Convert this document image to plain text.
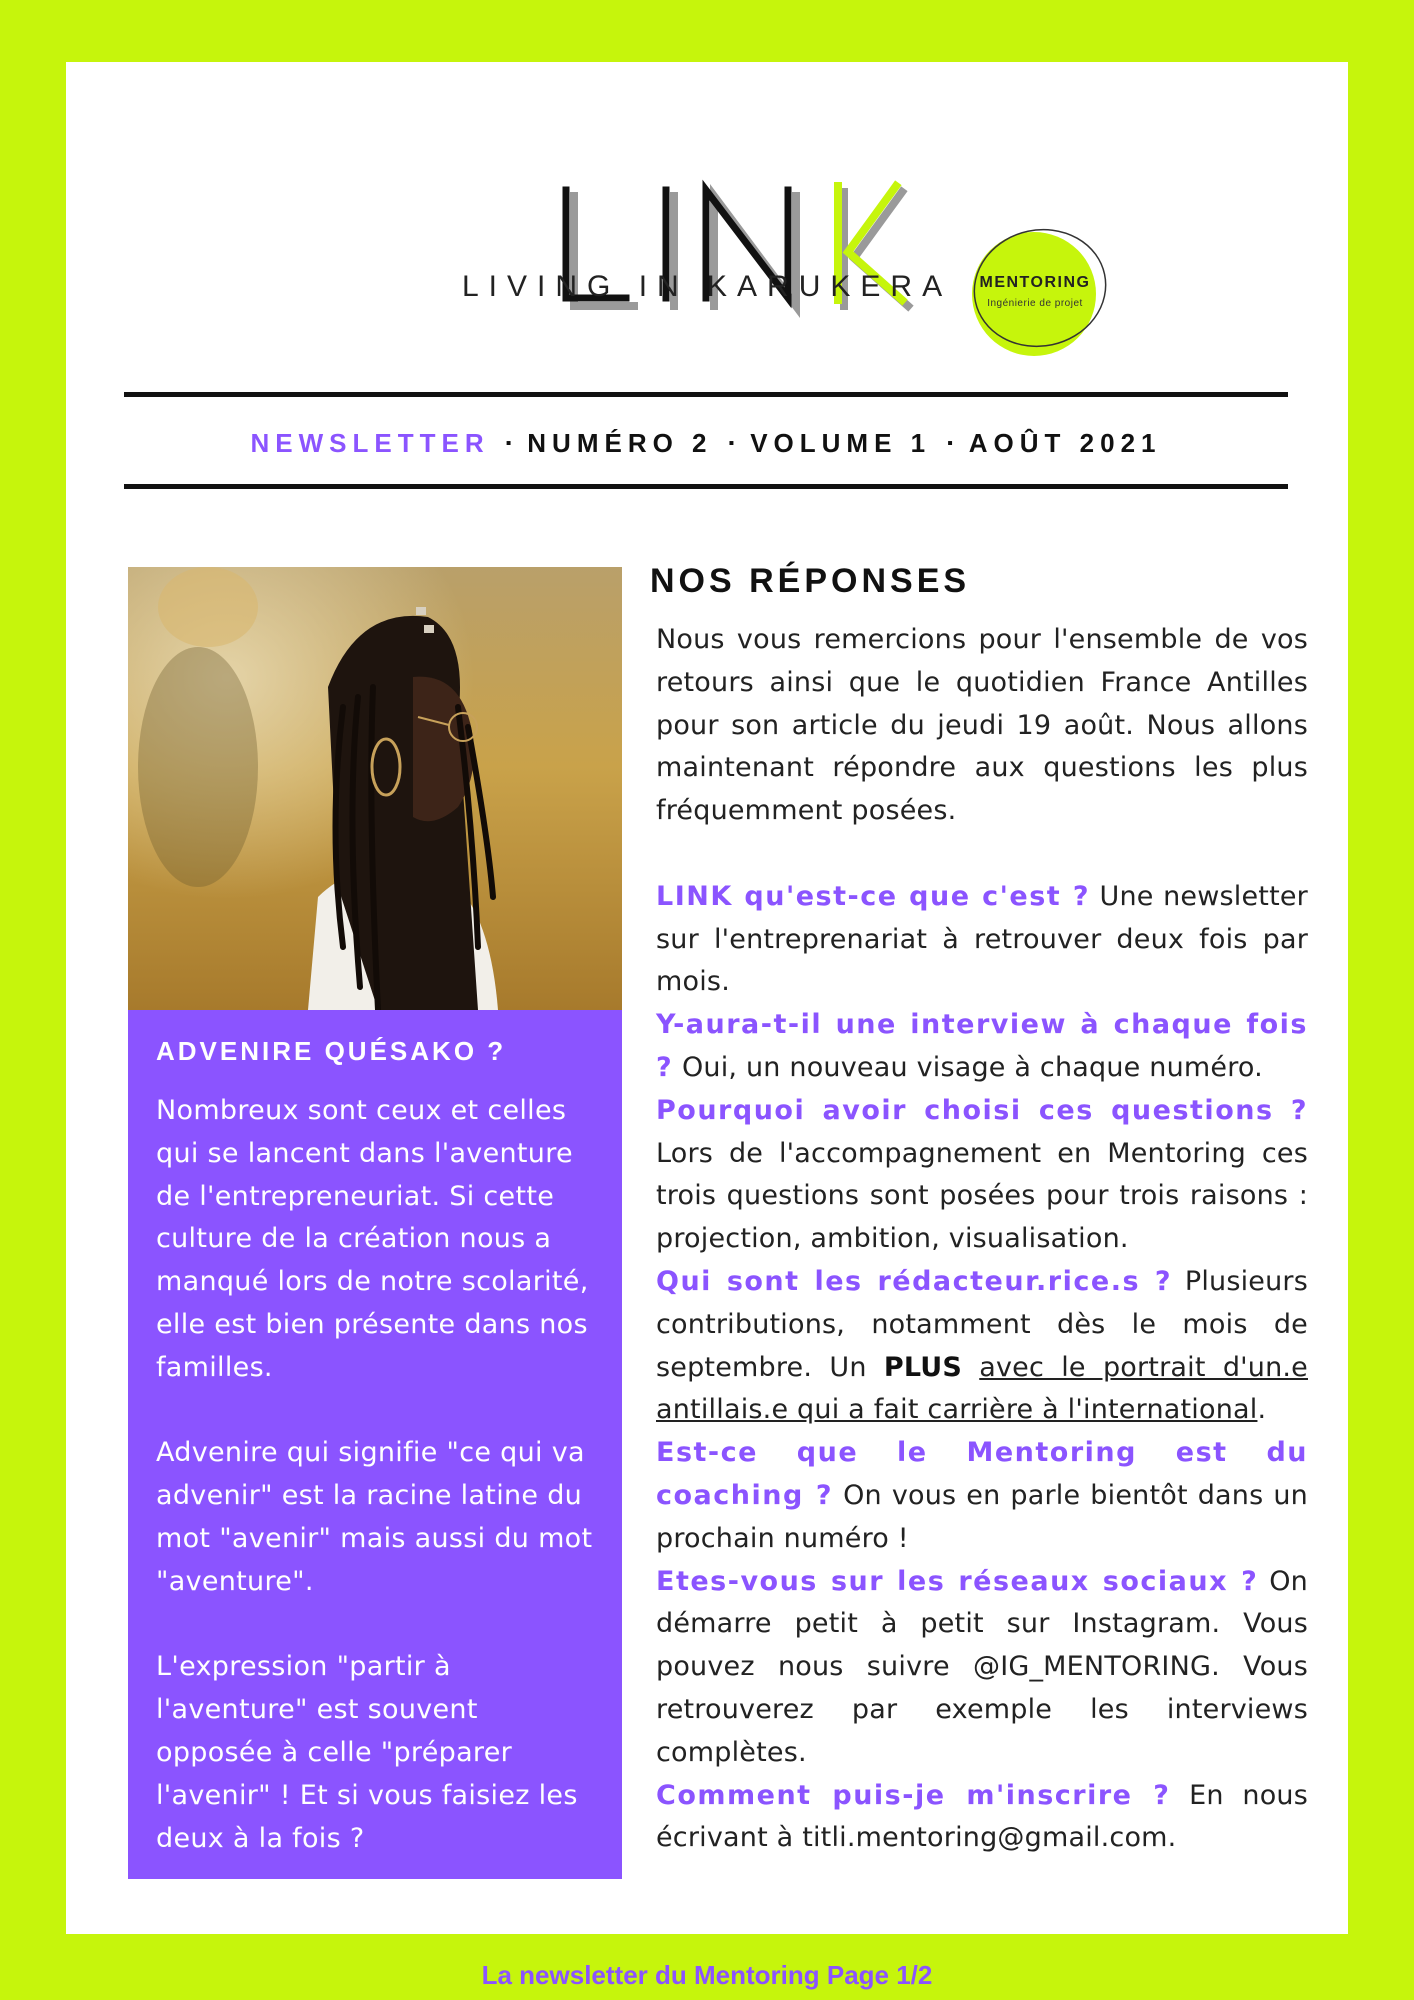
LIVING IN KARUKERA	MENTORING
Ingénierie de projet
NEWSLETTER ▪ NUMÉRO 2 ▪ VOLUME 1 ▪ AOÛT 2021
ADVENIRE QUÉSAKO ?

Nombreux sont ceux et celles qui se lancent dans l'aventure de l'entrepreneuriat. Si cette culture de la création nous a manqué lors de notre scolarité, elle est bien présente dans nos familles.

Advenire qui signifie "ce qui va advenir" est la racine latine du mot "avenir" mais aussi du mot "aventure".

L'expression "partir à l'aventure" est souvent opposée à celle "préparer l'avenir" ! Et si vous faisiez les deux à la fois ?

NOS RÉPONSES

Nous vous remercions pour l'ensemble de vos retours ainsi que le quotidien France Antilles pour son article du jeudi 19 août. Nous allons maintenant répondre aux questions les plus fréquemment posées.

LINK qu'est-ce que c'est ? Une newsletter sur l'entreprenariat à retrouver deux fois par mois.

Y-aura-t-il une interview à chaque fois ? Oui, un nouveau visage à chaque numéro.

Pourquoi avoir choisi ces questions ? Lors de l'accompagnement en Mentoring ces trois questions sont posées pour trois raisons : projection, ambition, visualisation.

Qui sont les rédacteur.rice.s ? Plusieurs contributions, notamment dès le mois de septembre. Un PLUS avec le portrait d'un.e antillais.e qui a fait carrière à l'international.

Est-ce que le Mentoring est du coaching ? On vous en parle bientôt dans un prochain numéro !

Etes-vous sur les réseaux sociaux ? On démarre petit à petit sur Instagram. Vous pouvez nous suivre @IG_MENTORING. Vous retrouverez par exemple les interviews complètes.

Comment puis-je m'inscrire ? En nous écrivant à titli.mentoring@gmail.com.

La newsletter du Mentoring Page 1/2
